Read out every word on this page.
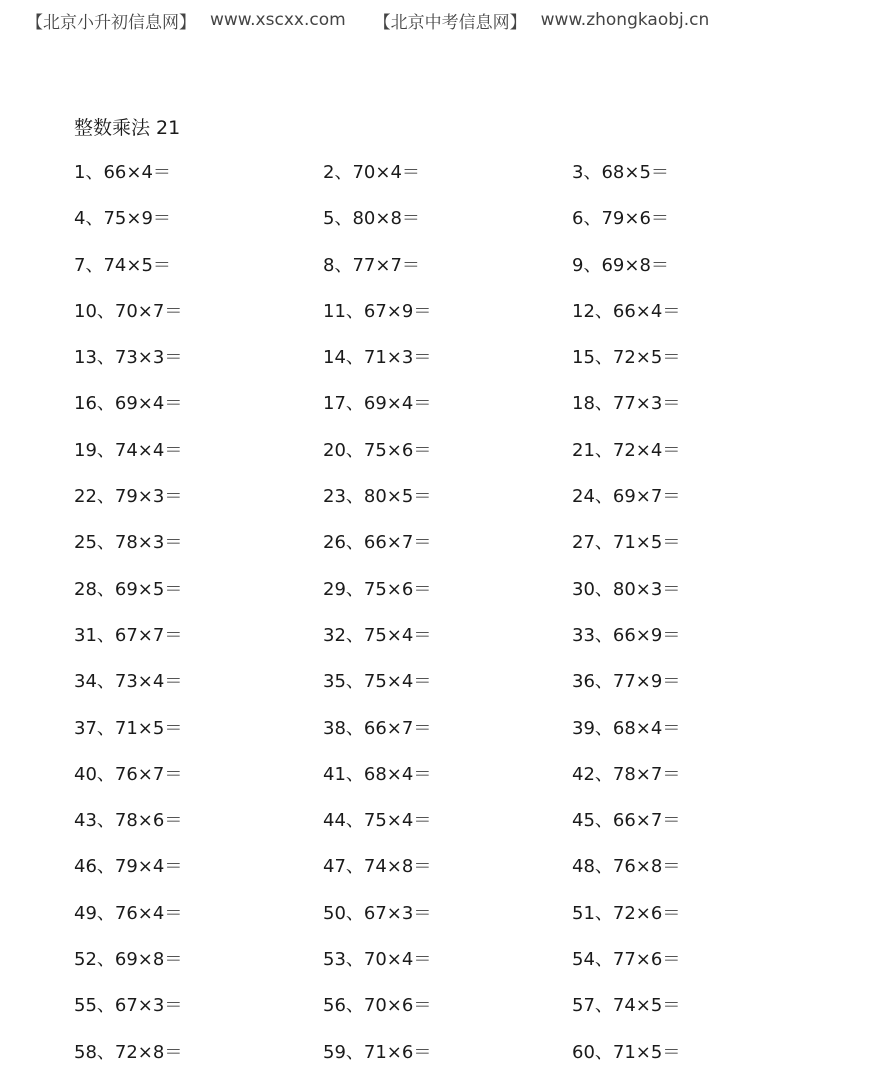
【北京小升初信息网】 www.xscxx.com 【北京中考信息网】 www.zhongkaobj.cn
整数乘法 21
1、66×4＝	2、70×4＝	3、68×5＝
4、75×9＝	5、80×8＝	6、79×6＝
7、74×5＝	8、77×7＝	9、69×8＝
10、70×7＝	11、67×9＝	12、66×4＝
13、73×3＝	14、71×3＝	15、72×5＝
16、69×4＝	17、69×4＝	18、77×3＝
19、74×4＝	20、75×6＝	21、72×4＝
22、79×3＝	23、80×5＝	24、69×7＝
25、78×3＝	26、66×7＝	27、71×5＝
28、69×5＝	29、75×6＝	30、80×3＝
31、67×7＝	32、75×4＝	33、66×9＝
34、73×4＝	35、75×4＝	36、77×9＝
37、71×5＝	38、66×7＝	39、68×4＝
40、76×7＝	41、68×4＝	42、78×7＝
43、78×6＝	44、75×4＝	45、66×7＝
46、79×4＝	47、74×8＝	48、76×8＝
49、76×4＝	50、67×3＝	51、72×6＝
52、69×8＝	53、70×4＝	54、77×6＝
55、67×3＝	56、70×6＝	57、74×5＝
58、72×8＝	59、71×6＝	60、71×5＝
